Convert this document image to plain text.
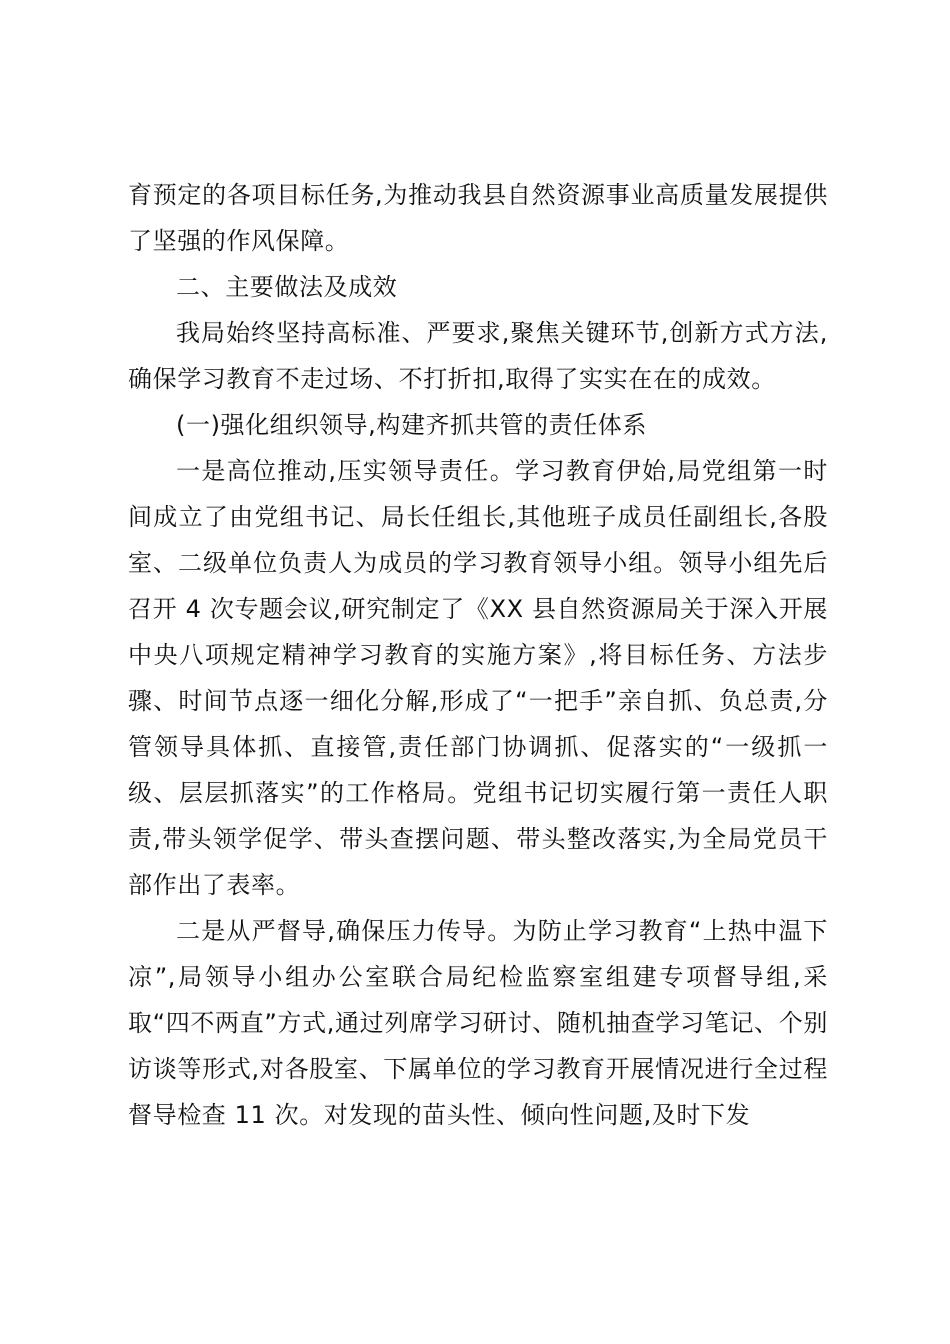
育预定的各项目标任务,为推动我县自然资源事业高质量发展提供了坚强的作风保障。

二、主要做法及成效

我局始终坚持高标准、严要求,聚焦关键环节,创新方式方法,确保学习教育不走过场、不打折扣,取得了实实在在的成效。

(一)强化组织领导,构建齐抓共管的责任体系

一是高位推动,压实领导责任。学习教育伊始,局党组第一时间成立了由党组书记、局长任组长,其他班子成员任副组长,各股室、二级单位负责人为成员的学习教育领导小组。领导小组先后召开 4 次专题会议,研究制定了《XX 县自然资源局关于深入开展中央八项规定精神学习教育的实施方案》,将目标任务、方法步骤、时间节点逐一细化分解,形成了“一把手”亲自抓、负总责,分管领导具体抓、直接管,责任部门协调抓、促落实的“一级抓一级、层层抓落实”的工作格局。党组书记切实履行第一责任人职责,带头领学促学、带头查摆问题、带头整改落实,为全局党员干部作出了表率。

二是从严督导,确保压力传导。为防止学习教育“上热中温下凉”,局领导小组办公室联合局纪检监察室组建专项督导组,采取“四不两直”方式,通过列席学习研讨、随机抽查学习笔记、个别访谈等形式,对各股室、下属单位的学习教育开展情况进行全过程督导检查 11 次。对发现的苗头性、倾向性问题,及时下发
